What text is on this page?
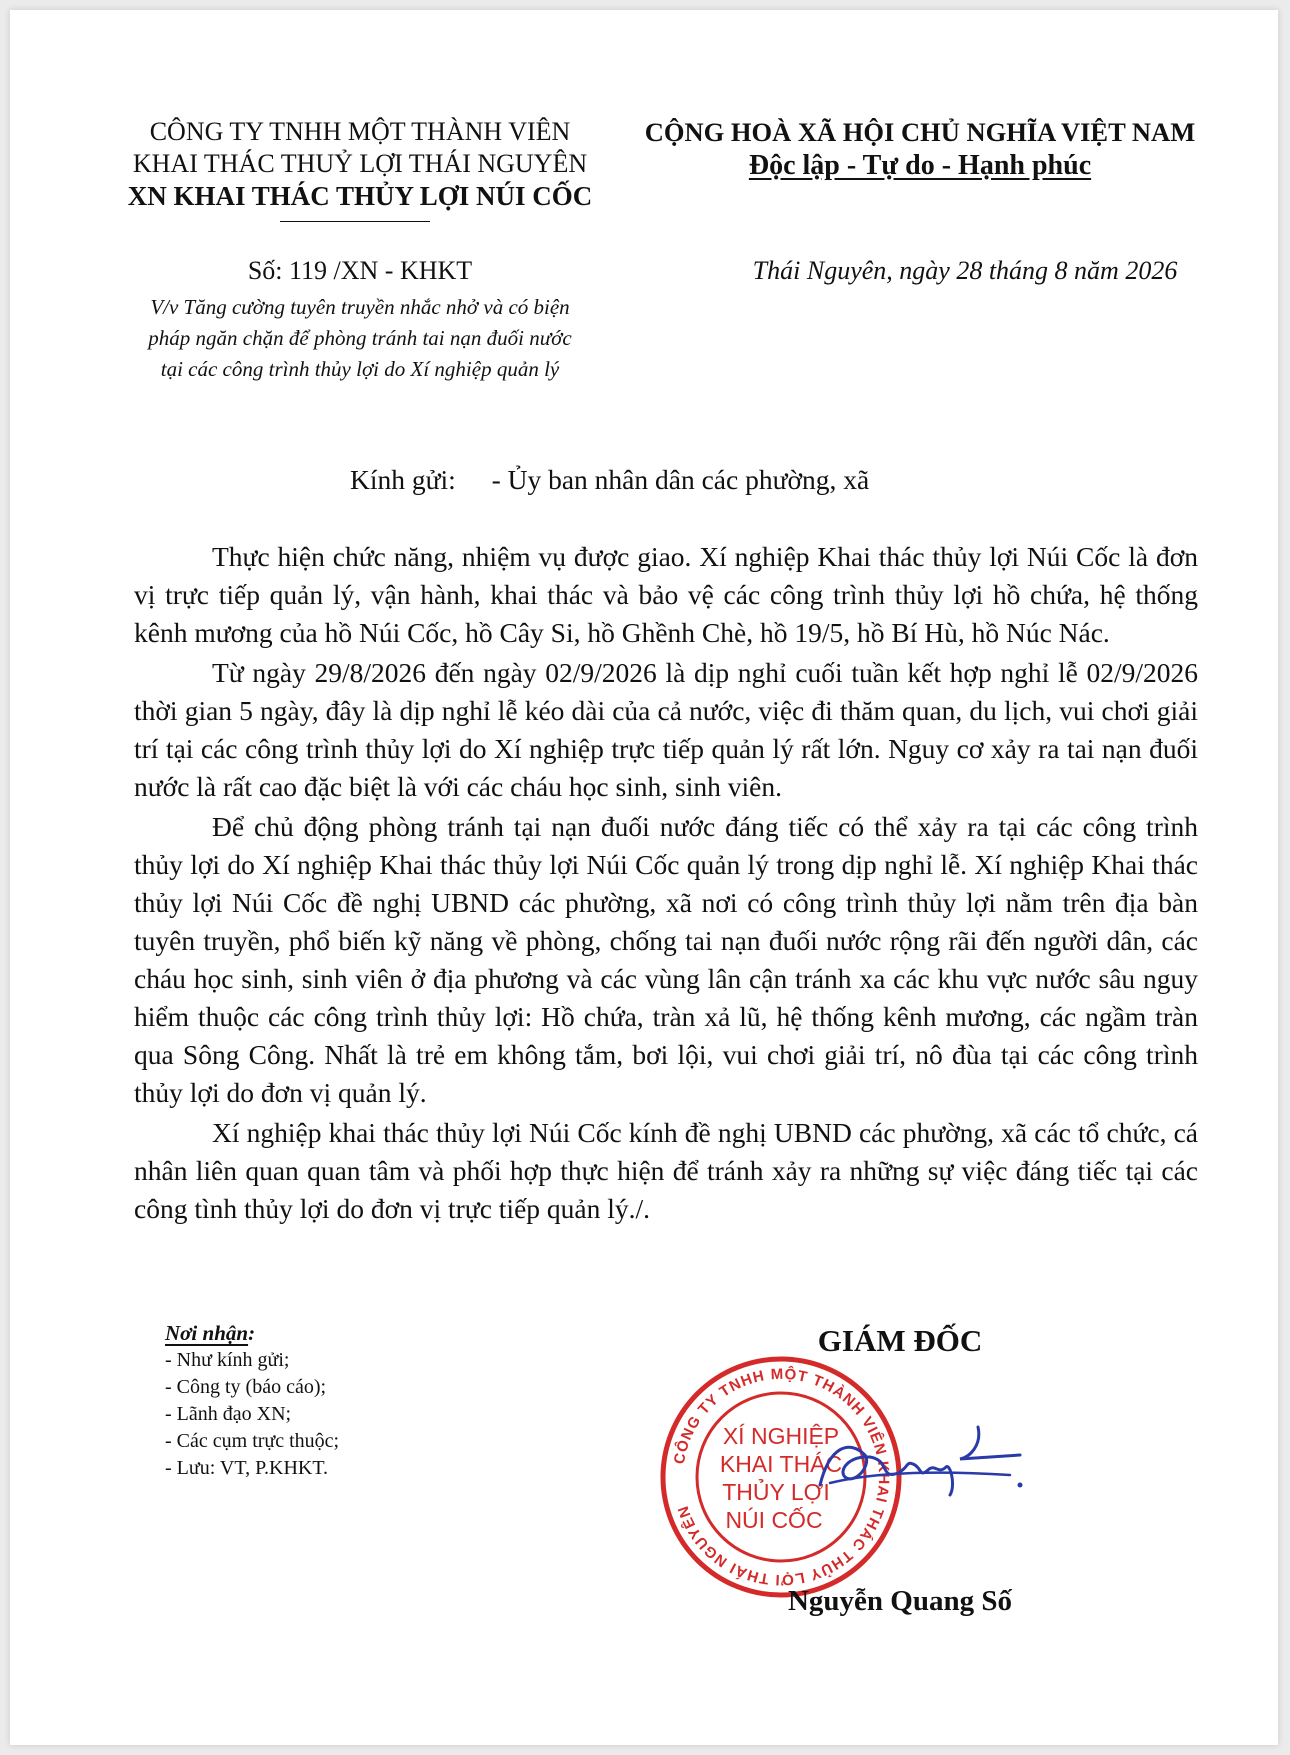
CÔNG TY TNHH MỘT THÀNH VIÊN
KHAI THÁC THUỶ LỢI THÁI NGUYÊN
XN KHAI THÁC THỦY LỢI NÚI CỐC
CỘNG HOÀ XÃ HỘI CHỦ NGHĨA VIỆT NAM
Độc lập - Tự do - Hạnh phúc
Số: 119 /XN - KHKT	Thái Nguyên, ngày 28 tháng 8 năm 2026
V/v Tăng cường tuyên truyền nhắc nhở và có biện
pháp ngăn chặn để phòng tránh tai nạn đuối nước
tại các công trình thủy lợi do Xí nghiệp quản lý
Kính gửi: - Ủy ban nhân dân các phường, xã

Thực hiện chức năng, nhiệm vụ được giao. Xí nghiệp Khai thác thủy lợi Núi Cốc là đơn vị trực tiếp quản lý, vận hành, khai thác và bảo vệ các công trình thủy lợi hồ chứa, hệ thống kênh mương của hồ Núi Cốc, hồ Cây Si, hồ Ghềnh Chè, hồ 19/5, hồ Bí Hù, hồ Núc Nác.

Từ ngày 29/8/2026 đến ngày 02/9/2026 là dịp nghỉ cuối tuần kết hợp nghỉ lễ 02/9/2026 thời gian 5 ngày, đây là dịp nghỉ lễ kéo dài của cả nước, việc đi thăm quan, du lịch, vui chơi giải trí tại các công trình thủy lợi do Xí nghiệp trực tiếp quản lý rất lớn. Nguy cơ xảy ra tai nạn đuối nước là rất cao đặc biệt là với các cháu học sinh, sinh viên.

Để chủ động phòng tránh tại nạn đuối nước đáng tiếc có thể xảy ra tại các công trình thủy lợi do Xí nghiệp Khai thác thủy lợi Núi Cốc quản lý trong dịp nghỉ lễ. Xí nghiệp Khai thác thủy lợi Núi Cốc đề nghị UBND các phường, xã nơi có công trình thủy lợi nằm trên địa bàn tuyên truyền, phổ biến kỹ năng về phòng, chống tai nạn đuối nước rộng rãi đến người dân, các cháu học sinh, sinh viên ở địa phương và các vùng lân cận tránh xa các khu vực nước sâu nguy hiểm thuộc các công trình thủy lợi: Hồ chứa, tràn xả lũ, hệ thống kênh mương, các ngầm tràn qua Sông Công. Nhất là trẻ em không tắm, bơi lội, vui chơi giải trí, nô đùa tại các công trình thủy lợi do đơn vị quản lý.

Xí nghiệp khai thác thủy lợi Núi Cốc kính đề nghị UBND các phường, xã các tổ chức, cá nhân liên quan quan tâm và phối hợp thực hiện để tránh xảy ra những sự việc đáng tiếc tại các công tình thủy lợi do đơn vị trực tiếp quản lý./.

Nơi nhận:
- Như kính gửi;
- Công ty (báo cáo);
- Lãnh đạo XN;
- Các cụm trực thuộc;
- Lưu: VT, P.KHKT.
GIÁM ĐỐC
CÔNG TY TNHH MỘT THÀNH VIÊN KHAI THÁC THỦY LỢI THÁI NGUYÊN
XÍ NGHIỆP
KHAI THÁC
THỦY LỢI
NÚI CỐC
Nguyễn Quang Số
